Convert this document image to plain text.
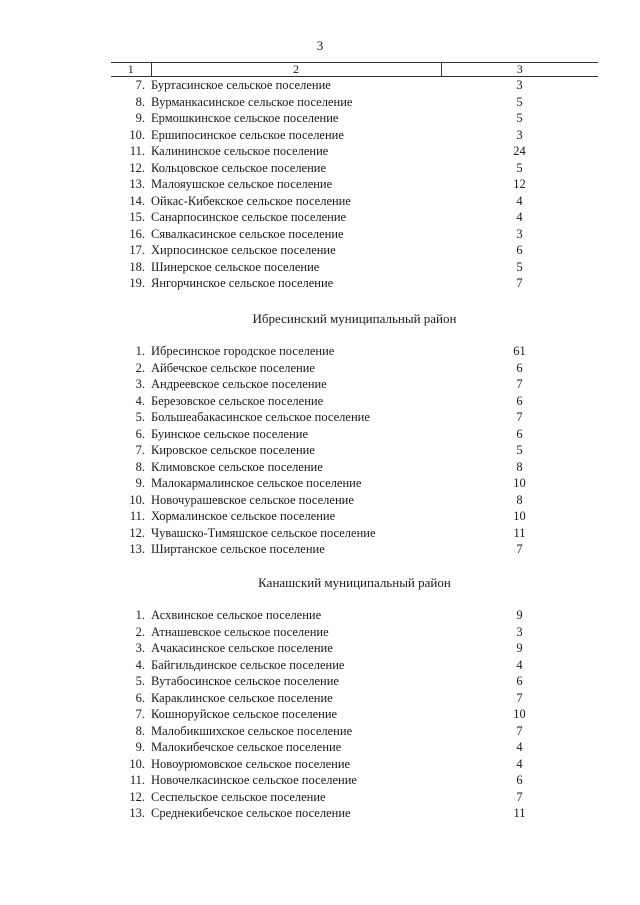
3
1	2	3
7.	Буртасинское сельское поселение	3
8.	Вурманкасинское сельское поселение	5
9.	Ермошкинское сельское поселение	5
10.	Ершипосинское сельское поселение	3
11.	Калининское сельское поселение	24
12.	Кольцовское сельское поселение	5
13.	Малояушское сельское поселение	12
14.	Ойкас-Кибекское сельское поселение	4
15.	Санарпосинское сельское поселение	4
16.	Сявалкасинское сельское поселение	3
17.	Хирпосинское сельское поселение	6
18.	Шинерское сельское поселение	5
19.	Янгорчинское сельское поселение	7
Ибресинский муниципальный район
1.	Ибресинское городское поселение	61
2.	Айбечское сельское поселение	6
3.	Андреевское сельское поселение	7
4.	Березовское сельское поселение	6
5.	Большеабакасинское сельское поселение	7
6.	Буинское сельское поселение	6
7.	Кировское сельское поселение	5
8.	Климовское сельское поселение	8
9.	Малокармалинское сельское поселение	10
10.	Новочурашевское сельское поселение	8
11.	Хормалинское сельское поселение	10
12.	Чувашско-Тимяшское сельское поселение	11
13.	Ширтанское сельское поселение	7
Канашский муниципальный район
1.	Асхвинское сельское поселение	9
2.	Атнашевское сельское поселение	3
3.	Ачакасинское сельское поселение	9
4.	Байгильдинское сельское поселение	4
5.	Вутабосинское сельское поселение	6
6.	Караклинское сельское поселение	7
7.	Кошноруйское сельское поселение	10
8.	Малобикшихское сельское поселение	7
9.	Малокибечское сельское поселение	4
10.	Новоурюмовское сельское поселение	4
11.	Новочелкасинское сельское поселение	6
12.	Сеспельское сельское поселение	7
13.	Среднекибечское сельское поселение	11
